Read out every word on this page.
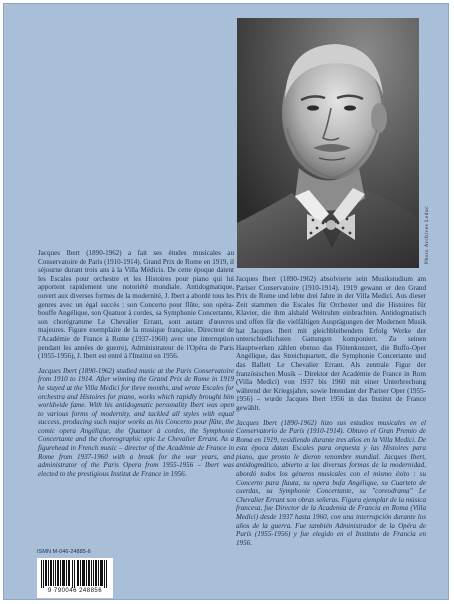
Photo Archives Leduc

Jacques Ibert (1890-1962) a fait ses études musicales au Conservatoire de Paris (1910-1914). Grand Prix de Rome en 1919, il séjourne durant trois ans à la Villa Médicis. De cette époque datent les Escales pour orchestre et les Histoires pour piano qui lui apportent rapidement une notoriété mondiale. Antidogmatique, ouvert aux diverses formes de la modernité, J. Ibert a abordé tous les genres avec un égal succès : son Concerto pour flûte, son opéra-bouffe Angélique, son Quatuor à cordes, sa Symphonie Concertante, son chorégramme Le Chevalier Errant, sont autant d'œuvres majeures. Figure exemplaire de la musique française, Directeur de l'Académie de France à Rome (1937-1960) avec une interruption pendant les années de guerre), Administrateur de l'Opéra de Paris (1955-1956), J. Ibert est entré à l'Institut en 1956.

Jacques Ibert (1890-1962) studied music at the Paris Conservatoire from 1910 to 1914. After winning the Grand Prix de Rome in 1919 he stayed at the Villa Medici for three months, and wrote Escales for orchestra and Histoires for piano, works which rapidly brought him worldwide fame. With his antidogmatic personality Ibert was open to various forms of modernity, and tackled all styles with equal success, producing such major works as his Concerto pour flûte, the comic opera Angélique, the Quatuor à cordes, the Symphonie Concertante and the choreographic epic Le Chevalier Errant. As a figurehead in French music – director of the Académie de France in Rome from 1937-1960 with a break for the war years, and administrator of the Paris Opera from 1955-1956 – Ibert was elected to the prestigious Institut de France in 1956.

Jacques Ibert (1890-1962) absolvierte sein Musikstudium am Pariser Conservatoire (1910-1914). 1919 gewann er den Grand Prix de Rome und lebte drei Jahre in der Villa Medici. Aus dieser Zeit stammen die Escales für Orchester und die Histoires für Klavier, die ihm alsbald Weltruhm einbrachten. Antidogmatisch und offen für die vielfältigen Ausprägungen der Modernen Musik hat Jacques Ibert mit gleichbleibendem Erfolg Werke der unterschiedlichsten Gattungen komponiert. Zu seinen Hauptwerken zählen ebenso das Flötenkonzert, die Buffo-Oper Angélique, das Streichquartett, die Symphonie Concertante und das Ballett Le Chevalier Errant. Als zentrale Figur der französischen Musik – Direktor der Académie de France in Rom (Villa Medici) von 1937 bis 1960 mit einer Unterbrechung während der Kriegsjahre, sowie Intendant der Pariser Oper (1955-1956) – wurde Jacques Ibert 1956 in das Institut de France gewählt.

Jacques Ibert (1890-1962) hizo sus estudios musicales en el Conservatorio de París (1910-1914). Obtuvo el Gran Premio de Roma en 1919, residiendo durante tres años en la Villa Medici. De esta época datan Escales para orquesta y las Histoires para piano, que pronto le dieron renombre mundial. Jacques Ibert, antidogmático, abierto a las diversas formas de la modernidad, abordó todos los géneros musicales con el mismo éxito : su Concerto para flauta, su opera bufa Angélique, su Cuarteto de cuerdas, su Symphonie Concertante, su "coreodrama" Le Chevalier Errant son obras señeras. Figura ejemplar de la música francesa, fue Director de la Academia de Francia en Roma (Villa Medici) desde 1937 hasta 1960, con una interrupción durante los años de la guerra. Fue también Administrador de la Opéra de París (1955-1956) y fue elegido en el Instituto de Francia en 1956.

ISMN M-046-24885-6
9 790046 248856
